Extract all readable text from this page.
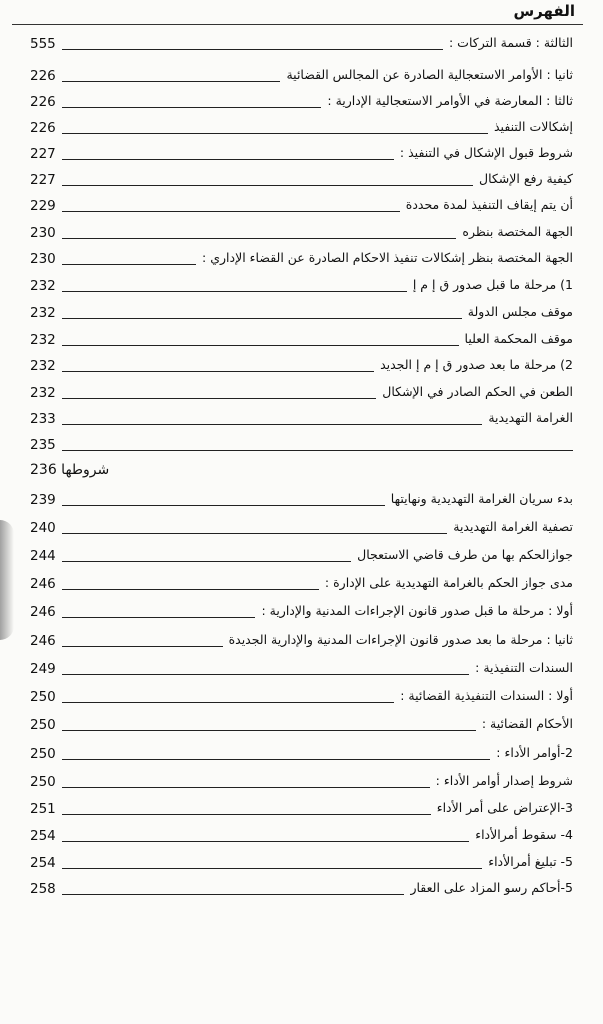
الفهرس
555	الثالثة : قسمة التركات :
226	ثانيا : الأوامر الاستعجالية الصادرة عن المجالس القضائية
226	ثالثا : المعارضة في الأوامر الاستعجالية الإدارية :
226	إشكالات التنفيذ
227	شروط قبول الإشكال في التنفيذ :
227	كيفية رفع الإشكال
229	أن يتم إيقاف التنفيذ لمدة محددة
230	الجهة المختصة بنظره
230	الجهة المختصة بنظر إشكالات تنفيذ الاحكام الصادرة عن القضاء الإداري :
232	1) مرحلة ما قبل صدور ق إ م إ
232	موقف مجلس الدولة
232	موقف المحكمة العليا
232	2) مرحلة ما بعد صدور ق إ م إ الجديد
232	الطعن في الحكم الصادر في الإشكال
233	الغرامة التهديدية
235
شروطها 236
239	بدء سريان الغرامة التهديدية ونهايتها
240	تصفية الغرامة التهديدية
244	جوازالحكم بها من طرف قاضي الاستعجال
246	مدى جواز الحكم بالغرامة التهديدية على الإدارة :
246	أولا : مرحلة ما قبل صدور قانون الإجراءات المدنية والإدارية :
246	ثانيا : مرحلة ما بعد صدور قانون الإجراءات المدنية والإدارية الجديدة
249	السندات التنفيذية :
250	أولا : السندات التنفيذية القضائية :
250	الأحكام القضائية :
250	2-أوامر الأداء :
250	شروط إصدار أوامر الأداء :
251	3-الإعتراض على أمر الأداء
254	4- سقوط أمرالأداء
254	5- تبليغ أمرالأداء
258	5-أحاكم رسو المزاد على العقار
